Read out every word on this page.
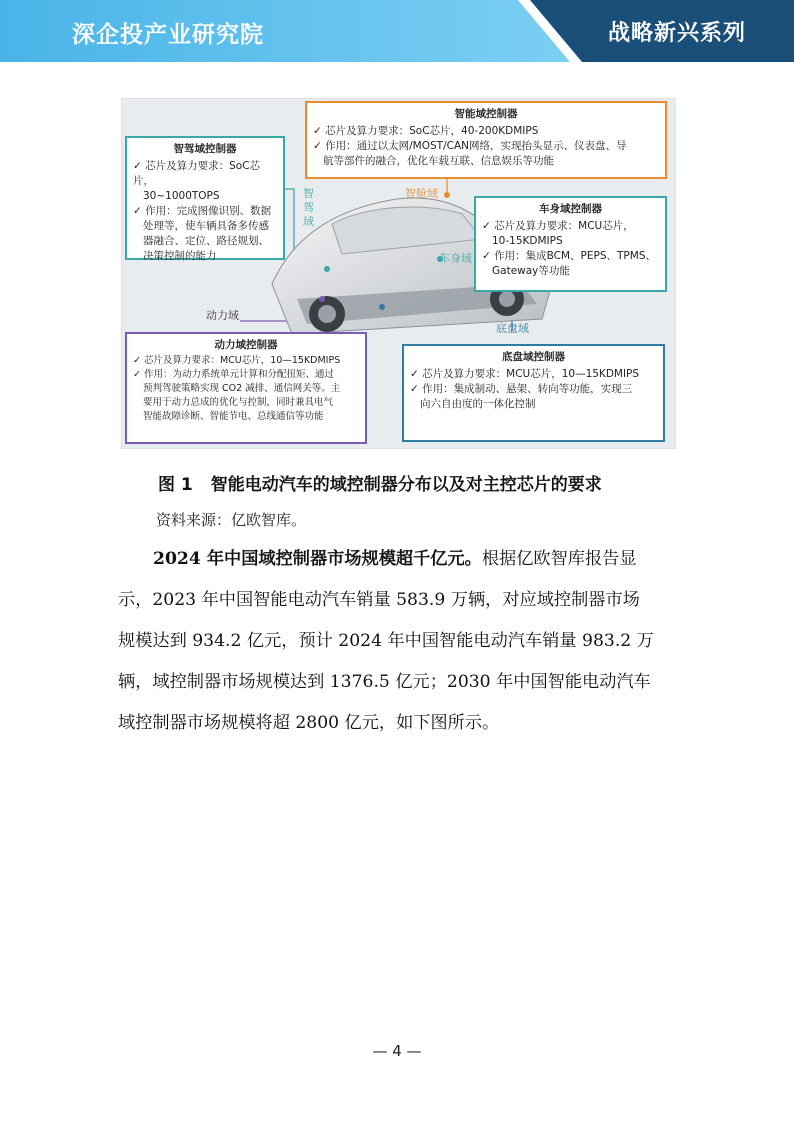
深企投产业研究院	战略新兴系列
智驾域控制器
✓ 芯片及算力要求：SoC芯片，
30~1000TOPS
✓ 作用：完成图像识别、数据
处理等，使车辆具备多传感
器融合、定位、路径规划、
决策控制的能力
智驾域
智能域控制器
✓ 芯片及算力要求：SoC芯片，40-200KDMIPS
✓ 作用：通过以太网/MOST/CAN网络，实现抬头显示、仪表盘、导
航等部件的融合，优化车载互联、信息娱乐等功能
智舱域
车身域控制器
✓ 芯片及算力要求：MCU芯片，
10-15KDMIPS
✓ 作用：集成BCM、PEPS、TPMS、
Gateway等功能
车身域
动力域控制器
✓ 芯片及算力要求：MCU芯片，10—15KDMIPS
✓ 作用：为动力系统单元计算和分配扭矩、通过
预判驾驶策略实现 CO2 减排、通信网关等。主
要用于动力总成的优化与控制，同时兼具电气
智能故障诊断、智能节电、总线通信等功能
动力域
底盘域控制器
✓ 芯片及算力要求：MCU芯片，10—15KDMIPS
✓ 作用：集成制动、悬架、转向等功能，实现三
向六自由度的一体化控制
底盘域
图 1 智能电动汽车的域控制器分布以及对主控芯片的要求
资料来源：亿欧智库。
2024 年中国域控制器市场规模超千亿元。根据亿欧智库报告显
示，2023 年中国智能电动汽车销量 583.9 万辆，对应域控制器市场
规模达到 934.2 亿元，预计 2024 年中国智能电动汽车销量 983.2 万
辆，域控制器市场规模达到 1376.5 亿元；2030 年中国智能电动汽车
域控制器市场规模将超 2800 亿元，如下图所示。
— 4 —
